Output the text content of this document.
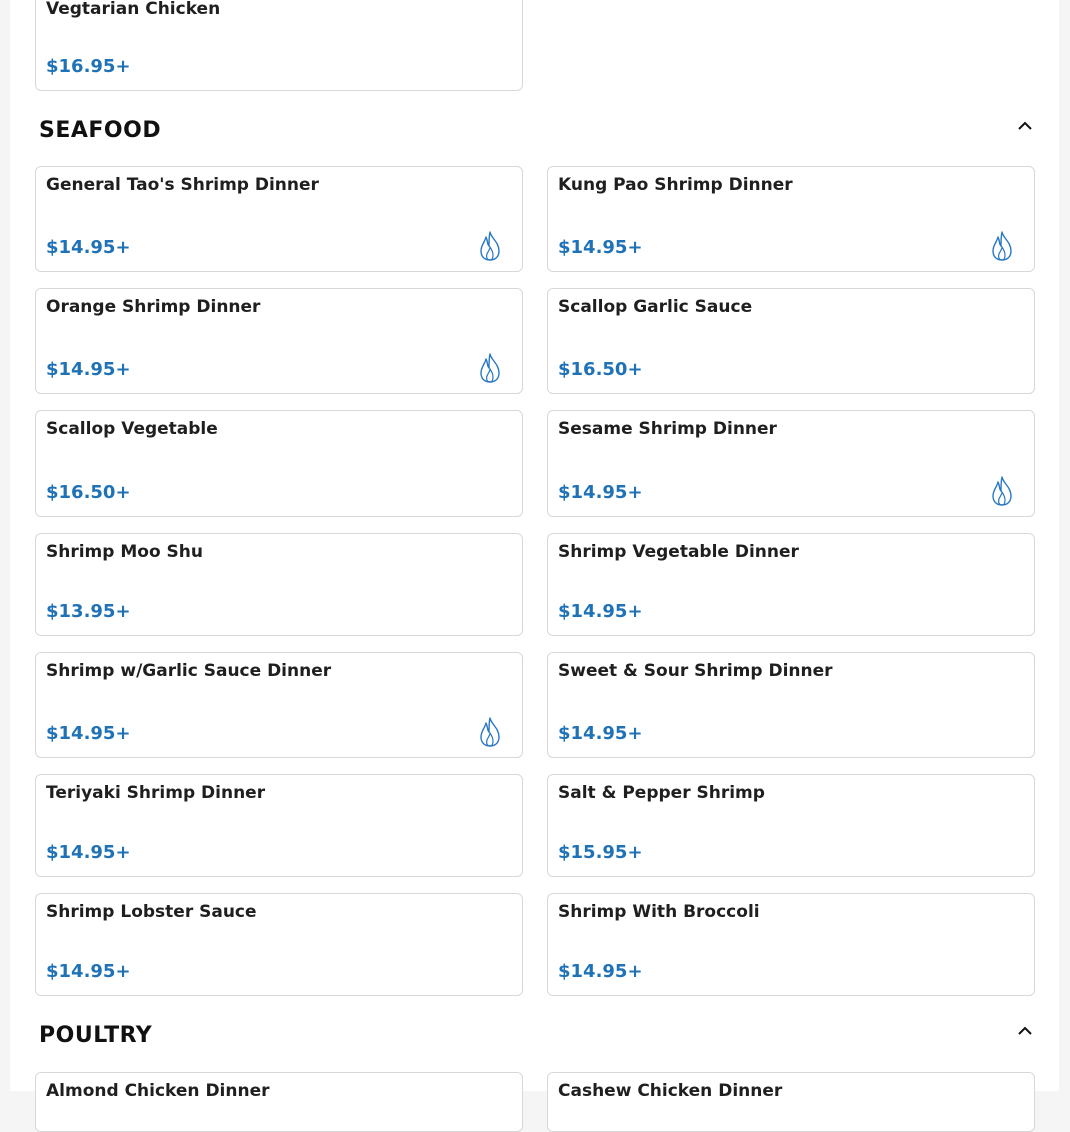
Vegtarian Chicken
$16.95+
SEAFOOD
General Tao's Shrimp Dinner
$14.95+
Kung Pao Shrimp Dinner
$14.95+
Orange Shrimp Dinner
$14.95+
Scallop Garlic Sauce
$16.50+
Scallop Vegetable
$16.50+
Sesame Shrimp Dinner
$14.95+
Shrimp Moo Shu
$13.95+
Shrimp Vegetable Dinner
$14.95+
Shrimp w/Garlic Sauce Dinner
$14.95+
Sweet & Sour Shrimp Dinner
$14.95+
Teriyaki Shrimp Dinner
$14.95+
Salt & Pepper Shrimp
$15.95+
Shrimp Lobster Sauce
$14.95+
Shrimp With Broccoli
$14.95+
POULTRY
Almond Chicken Dinner	Cashew Chicken Dinner
